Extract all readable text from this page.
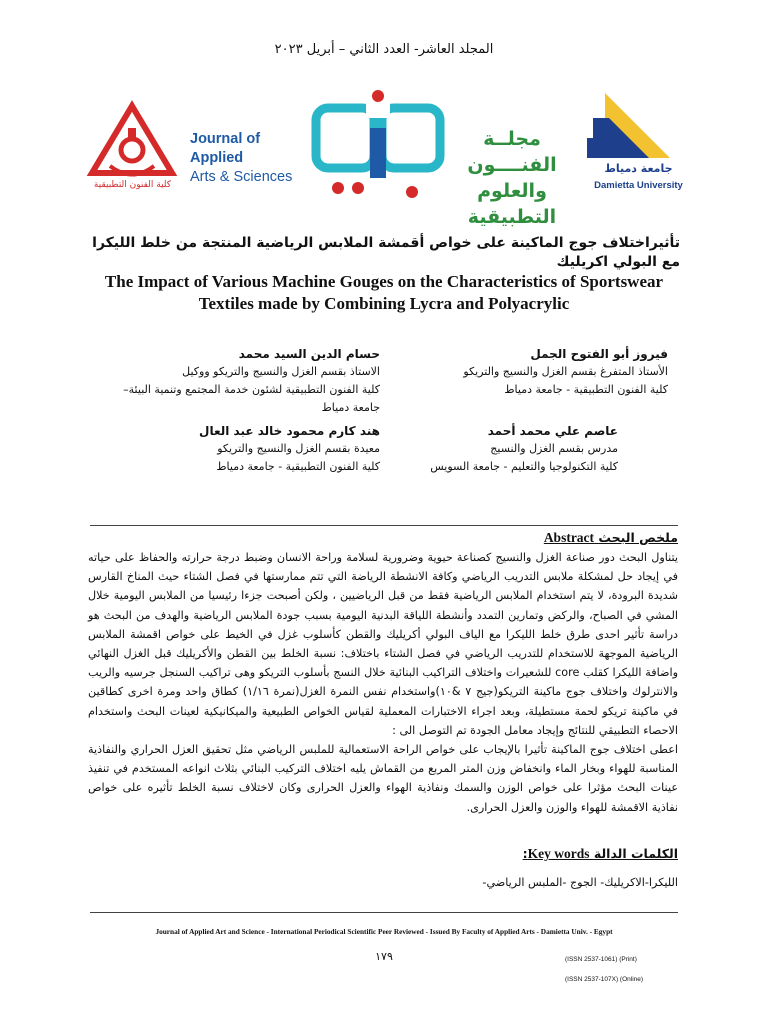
المجلد العاشر- العدد الثاني – أبريل ٢٠٢٣
كلية الفنون التطبيقية
Journal of Applied
Arts & Sciences
مجلــة الفنــــون
والعلوم التطبيقية
جامعة دمياط
Damietta University
تأثيراختلاف جوج الماكينة على خواص أقمشة الملابس الرياضية المنتجة من خلط الليكرا مع البولي اكريليك
The Impact of Various Machine Gouges on the Characteristics of Sportswear
Textiles made by Combining Lycra and Polyacrylic
فيروز أبو الفتوح الجمل
الأستاذ المتفرغ بقسم الغزل والنسيج والتريكو
كلية الفنون التطبيقية - جامعة دمياط
حسام الدين السيد محمد
الاستاذ بقسم الغزل والنسيج والتريكو ووكيل
كلية الفنون التطبيقية لشئون خدمة المجتمع وتنمية البيئة–
جامعة دمياط
عاصم علي محمد أحمد
مدرس بقسم الغزل والنسيج
كلية التكنولوجيا والتعليم - جامعة السويس
هند كارم محمود خالد عبد العال
معيدة بقسم الغزل والنسيج والتريكو
كلية الفنون التطبيقية - جامعة دمياط
ملخص البحث Abstract

يتناول البحث دور صناعة الغزل والنسيج كصناعة حيوية وضرورية لسلامة وراحة الانسان وضبط درجة حرارته والحفاظ على حياته في إيجاد حل لمشكلة ملابس التدريب الرياضي وكافة الانشطة الرياضة التي تتم ممارستها في فصل الشتاء حيث المناخ القارس شديدة البرودة، لا يتم استخدام الملابس الرياضية فقط من قبل الرياضيين ، ولكن أصبحت جزءا رئيسيا من الملابس اليومية خلال المشي في الصباح، والركض وتمارين التمدد وأنشطة اللياقة البدنية اليومية بسبب جودة الملابس الرياضية والهدف من البحث هو دراسة تأثير احدى طرق خلط الليكرا مع الياف البولي أكريليك والقطن كأسلوب غزل في الخيط على خواص اقمشة الملابس الرياضية الموجهة للاستخدام للتدريب الرياضي في فصل الشتاء باختلاف: نسبة الخلط بين القطن والأكريليك قبل الغزل النهائي واضافة الليكرا كقلب core للشعيرات واختلاف التراكيب البنائية خلال النسج بأسلوب التريكو وهى تراكيب السنجل جرسيه والريب والانترلوك واختلاف جوج ماكينة التريكو(جيج ٧ &١٠)واستخدام نفس النمرة الغزل(نمرة ١/١٦) كطاق واحد ومرة اخرى كطاقين في ماكينة تريكو لحمة مستطيلة، وبعد اجراء الاختبارات المعملية لقياس الخواص الطبيعية والميكانيكية لعينات البحث واستخدام الاحصاء التطبيقي للنتائج وإيجاد معامل الجودة تم التوصل الى :

اعطى اختلاف جوج الماكينة تأثيرا بالإيجاب على خواص الراحة الاستعمالية للملبس الرياضي مثل تحقيق العزل الحراري والنفاذية المناسبة للهواء وبخار الماء وانخفاض وزن المتر المربع من القماش يليه اختلاف التركيب البنائي بثلاث انواعه المستخدم في تنفيذ عينات البحث مؤثرا على خواص الوزن والسمك ونفاذية الهواء والعزل الحرارى وكان لاختلاف نسبة الخلط تأثيره على خواص نفاذية الاقمشة للهواء والوزن والعزل الحرارى.

الكلمات الدالة Key words:
الليكرا-الاكريليك- الجوج -الملبس الرياضي-
Journal of Applied Art and Science - International Periodical Scientific Peer Reviewed - Issued By Faculty of Applied Arts - Damietta Univ. - Egypt
١٧٩	(ISSN 2537-1061) (Print)
(ISSN 2537-107X) (Online)
